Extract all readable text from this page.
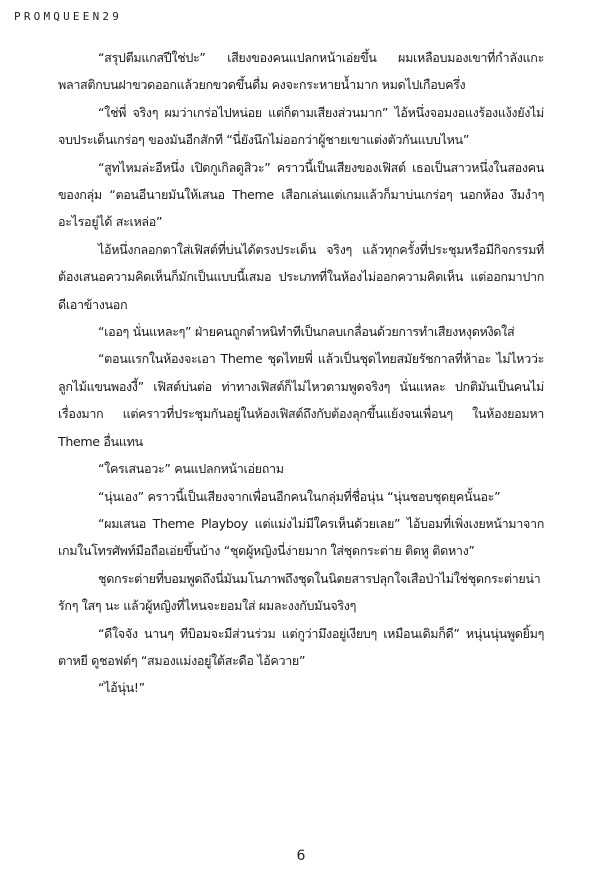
PROMQUEEN29

“สรุปตีมแกสปีใช่ปะ” เสียงของคนแปลกหน้าเอ่ยขึ้น ผมเหลือบมองเขาที่กำลังแกะพลาสติกบนฝาขวดออกแล้วยกขวดขึ้นดื่ม คงจะกระหายน้ำมาก หมดไปเกือบครึ่ง

“ใช่พี่ จริงๆ ผมว่าเกร่อไปหน่อย แต่ก็ตามเสียงส่วนมาก” ไอ้หนึ่งจอมงอแงร้องแง้งยังไม่จบประเด็นเกร่อๆ ของมันอีกสักที “นี่ยังนึกไม่ออกว่าผู้ชายเขาแต่งตัวกันแบบไหน”

“สูทไหมล่ะอีหนึ่ง เปิดกูเกิลดูสิวะ” คราวนี้เป็นเสียงของเฟิสต์ เธอเป็นสาวหนึ่งในสองคนของกลุ่ม “ตอนอีนายมันให้เสนอ Theme เสือกเล่นแต่เกมแล้วก็มาบ่นเกร่อๆ นอกห้อง งึมงำๆ อะไรอยู่ได้ สะเหล่อ”

ไอ้หนึ่งกลอกตาใส่เฟิสต์ที่บ่นได้ตรงประเด็น จริงๆ แล้วทุกครั้งที่ประชุมหรือมีกิจกรรมที่ต้องเสนอความคิดเห็นก็มักเป็นแบบนี้เสมอ ประเภทที่ในห้องไม่ออกความคิดเห็น แต่ออกมาปากดีเอาข้างนอก

“เออๆ นั่นแหละๆ” ฝ่ายคนถูกตำหนิทำทีเป็นกลบเกลื่อนด้วยการทำเสียงหงุดหงิดใส่

“ตอนแรกในห้องจะเอา Theme ชุดไทยพี่ แล้วเป็นชุดไทยสมัยรัชกาลที่ห้าอะ ไม่ไหวว่ะ ลูกไม้แขนพองงี้” เฟิสต์บ่นต่อ ท่าทางเฟิสต์ก็ไม่ไหวตามพูดจริงๆ นั่นแหละ ปกติมันเป็นคนไม่เรื่องมาก แต่คราวที่ประชุมกันอยู่ในห้องเฟิสต์ถึงกับต้องลุกขึ้นแย้งจนเพื่อนๆ ในห้องยอมหา Theme อื่นแทน

“ใครเสนอวะ” คนแปลกหน้าเอ่ยถาม

“นุ่นเอง” คราวนี้เป็นเสียงจากเพื่อนอีกคนในกลุ่มที่ชื่อนุ่น “นุ่นชอบชุดยุคนั้นอะ”

“ผมเสนอ Theme Playboy แต่แม่งไม่มีใครเห็นด้วยเลย” ไอ้บอมที่เพิ่งเงยหน้ามาจากเกมในโทรศัพท์มือถือเอ่ยขึ้นบ้าง “ชุดผู้หญิงนี่ง่ายมาก ใส่ชุดกระต่าย ติดหู ติดหาง”

ชุดกระต่ายที่บอมพูดถึงนี่มันมโนภาพถึงชุดในนิตยสารปลุกใจเสือป่าไม่ใช่ชุดกระต่ายน่ารักๆ ใสๆ นะ แล้วผู้หญิงที่ไหนจะยอมใส่ ผมละงงกับมันจริงๆ

“ดีใจจัง นานๆ ทีบิอมจะมีส่วนร่วม แต่กูว่ามึงอยู่เงียบๆ เหมือนเดิมก็ดี” หนุ่นนุ่นพูดยิ้มๆ ตาหยี ดูชอฟต์ๆ “สมองแม่งอยู่ใต้สะดือ ไอ้ควาย”

“ไอ้นุ่น!”

6
